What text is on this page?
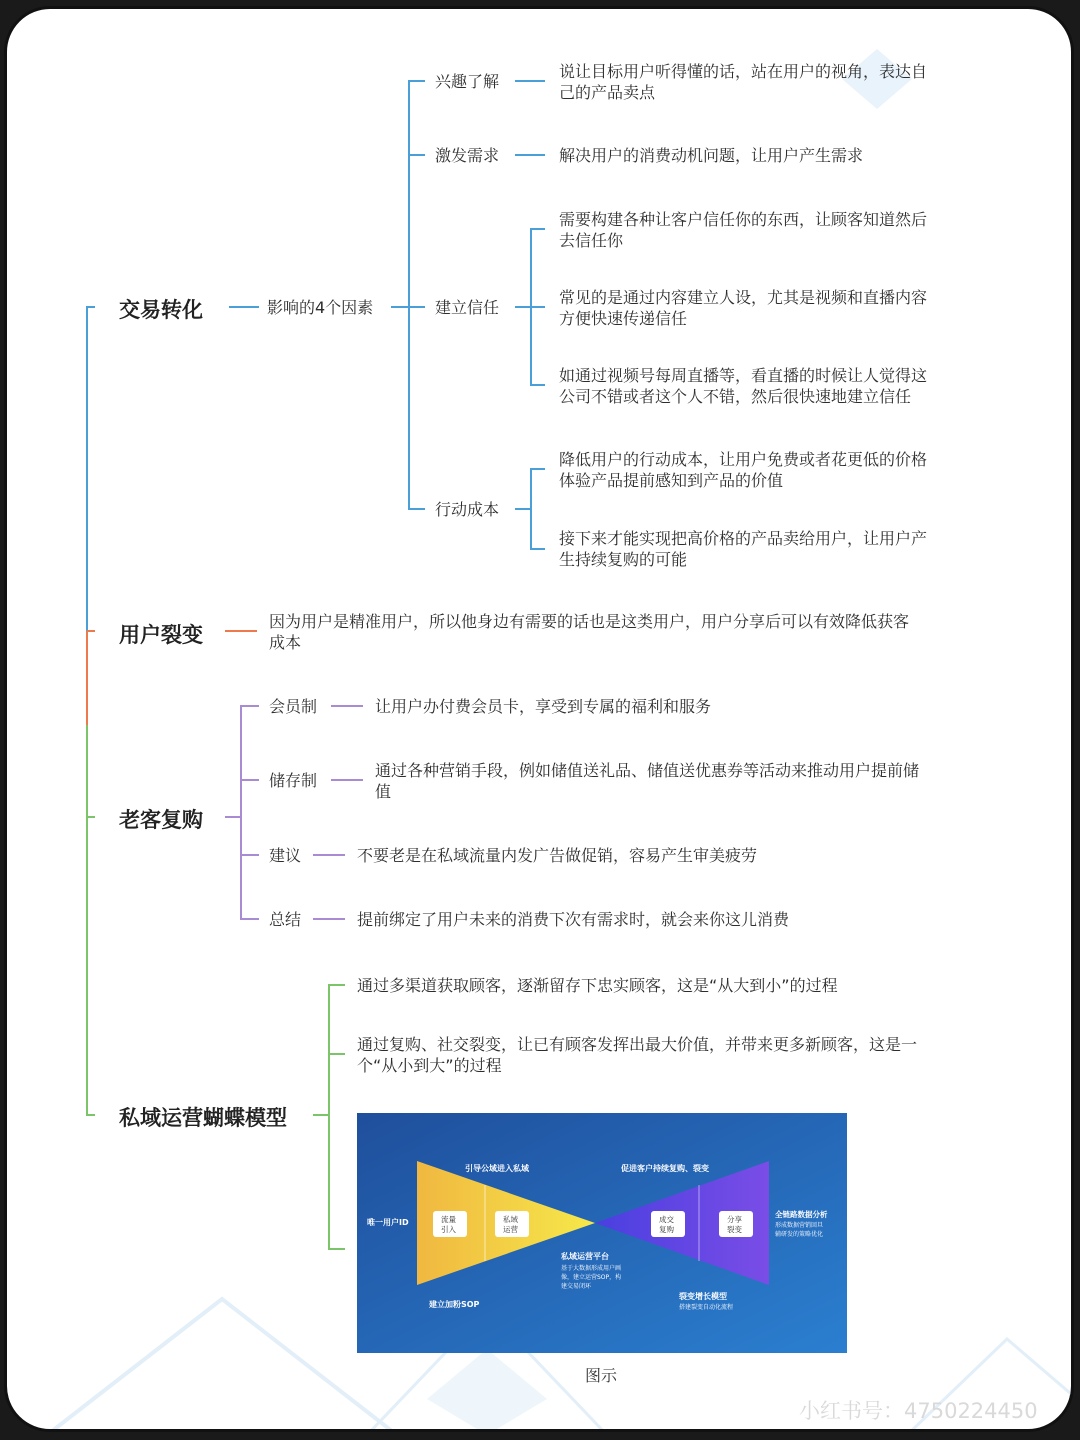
交易转化	影响的4个因素
兴趣了解
说让目标用户听得懂的话，站在用户的视角，表达自
己的产品卖点
激发需求	解决用户的消费动机问题，让用户产生需求
建立信任
需要构建各种让客户信任你的东西，让顾客知道然后
去信任你
常见的是通过内容建立人设，尤其是视频和直播内容
方便快速传递信任
如通过视频号每周直播等，看直播的时候让人觉得这
公司不错或者这个人不错，然后很快速地建立信任
行动成本
降低用户的行动成本，让用户免费或者花更低的价格
体验产品提前感知到产品的价值
接下来才能实现把高价格的产品卖给用户，让用户产
生持续复购的可能
用户裂变
因为用户是精准用户，所以他身边有需要的话也是这类用户，用户分享后可以有效降低获客
成本
老客复购
会员制	让用户办付费会员卡，享受到专属的福利和服务
储存制
通过各种营销手段，例如储值送礼品、储值送优惠券等活动来推动用户提前储
值
建议	不要老是在私域流量内发广告做促销，容易产生审美疲劳
总结	提前绑定了用户未来的消费下次有需求时，就会来你这儿消费
私域运营蝴蝶模型
通过多渠道获取顾客，逐渐留存下忠实顾客，这是“从大到小”的过程
通过复购、社交裂变，让已有顾客发挥出最大价值，并带来更多新顾客，这是一
个“从小到大”的过程
引导公域进入私域	促进客户持续复购、裂变
唯一用户ID	流量
引入
私域
运营
成交
复购
分享
裂变
私域运营平台
基于大数据形成用户画
像，建立运营SOP，构
建交易闭环
建立加粉SOP
裂变增长模型
搭建裂变自动化流程
全链路数据分析
形成数据营销回旦
辅研发的策略优化
图示
小红书号：4750224450
